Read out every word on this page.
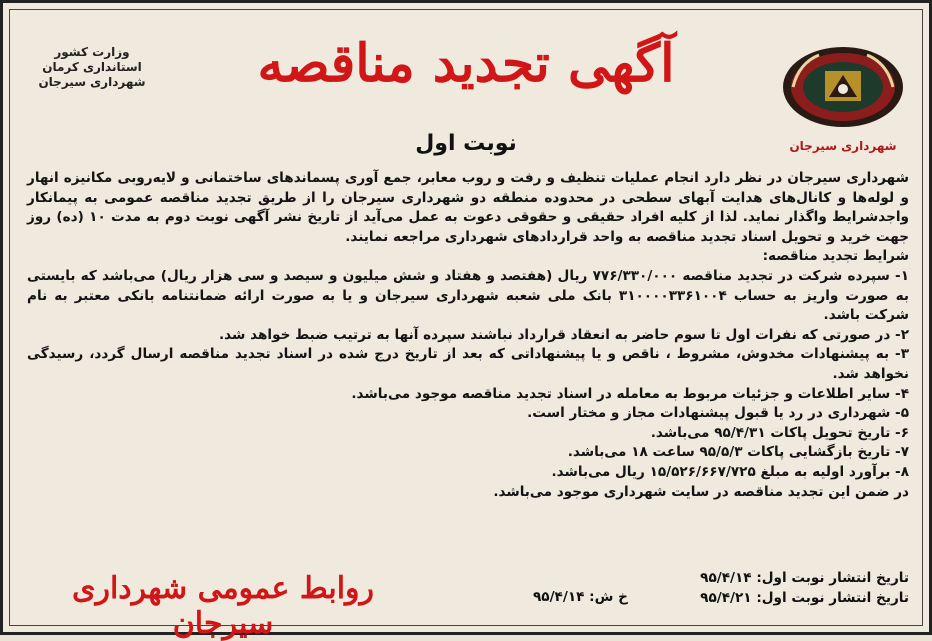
شهرداری سیرجان
وزارت کشور
استانداری کرمان
شهرداری سیرجان	آگهی تجدید مناقصه
نوبت اول

شهرداری سیرجان در نظر دارد انجام عملیات تنظیف و رفت و روب معابر، جمع آوری پسماندهای ساختمانی و لایه‌روبی مکانیزه انهار و لوله‌ها و کانال‌های هدایت آبهای سطحی در محدوده منطقه دو شهرداری سیرجان را از طریق تجدید مناقصه عمومی به پیمانکار واجدشرایط واگذار نماید. لذا از کلیه افراد حقیقی و حقوقی دعوت به عمل می‌آید از تاریخ نشر آگهی نوبت دوم به مدت ۱۰ (ده) روز جهت خرید و تحویل اسناد تجدید مناقصه به واحد قراردادهای شهرداری مراجعه نمایند.

شرایط تجدید مناقصه:

۱- سپرده شرکت در تجدید مناقصه ۷۷۶/۳۳۰/۰۰۰ ریال (هفتصد و هفتاد و شش میلیون و سیصد و سی هزار ریال) می‌باشد که بایستی به صورت واریز به حساب ۳۱۰۰۰۰۳۳۶۱۰۰۴ بانک ملی شعبه شهرداری سیرجان و یا به صورت ارائه ضمانتنامه بانکی معتبر به نام شرکت باشد.

۲- در صورتی که نفرات اول تا سوم حاضر به انعقاد قرارداد نباشند سپرده آنها به ترتیب ضبط خواهد شد.

۳- به پیشنهادات مخدوش، مشروط ، ناقص و یا پیشنهاداتی که بعد از تاریخ درج شده در اسناد تجدید مناقصه ارسال گردد، رسیدگی نخواهد شد.

۴- سایر اطلاعات و جزئیات مربوط به معامله در اسناد تجدید مناقصه موجود می‌باشد.

۵- شهرداری در رد یا قبول پیشنهادات مجاز و مختار است.

۶- تاریخ تحویل پاکات ۹۵/۴/۳۱ می‌باشد.

۷- تاریخ بازگشایی پاکات ۹۵/۵/۳ ساعت ۱۸ می‌باشد.

۸- برآورد اولیه به مبلغ ۱۵/۵۲۶/۶۶۷/۷۲۵ ریال می‌باشد.

در ضمن این تجدید مناقصه در سایت شهرداری موجود می‌باشد.

تاریخ انتشار نوبت اول: ۹۵/۴/۱۴
تاریخ انتشار نوبت اول: ۹۵/۴/۲۱
خ ش: ۹۵/۴/۱۴
روابط عمومی شهرداری سیرجان
